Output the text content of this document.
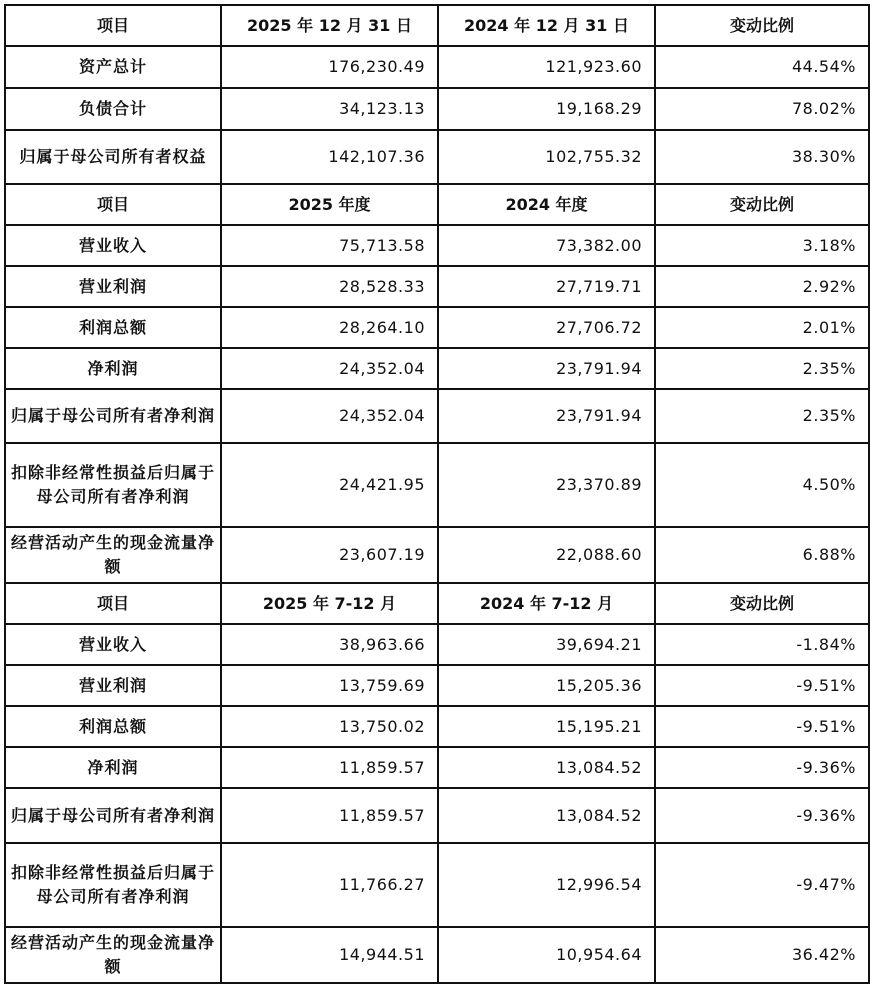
项目	2025 年 12 月 31 日	2024 年 12 月 31 日	变动比例
资产总计	176,230.49	121,923.60	44.54%
负债合计	34,123.13	19,168.29	78.02%
归属于母公司所有者权益	142,107.36	102,755.32	38.30%
项目	2025 年度	2024 年度	变动比例
营业收入	75,713.58	73,382.00	3.18%
营业利润	28,528.33	27,719.71	2.92%
利润总额	28,264.10	27,706.72	2.01%
净利润	24,352.04	23,791.94	2.35%
归属于母公司所有者净利润	24,352.04	23,791.94	2.35%
扣除非经常性损益后归属于母公司所有者净利润	24,421.95	23,370.89	4.50%
经营活动产生的现金流量净额	23,607.19	22,088.60	6.88%
项目	2025 年 7-12 月	2024 年 7-12 月	变动比例
营业收入	38,963.66	39,694.21	-1.84%
营业利润	13,759.69	15,205.36	-9.51%
利润总额	13,750.02	15,195.21	-9.51%
净利润	11,859.57	13,084.52	-9.36%
归属于母公司所有者净利润	11,859.57	13,084.52	-9.36%
扣除非经常性损益后归属于母公司所有者净利润	11,766.27	12,996.54	-9.47%
经营活动产生的现金流量净额	14,944.51	10,954.64	36.42%
